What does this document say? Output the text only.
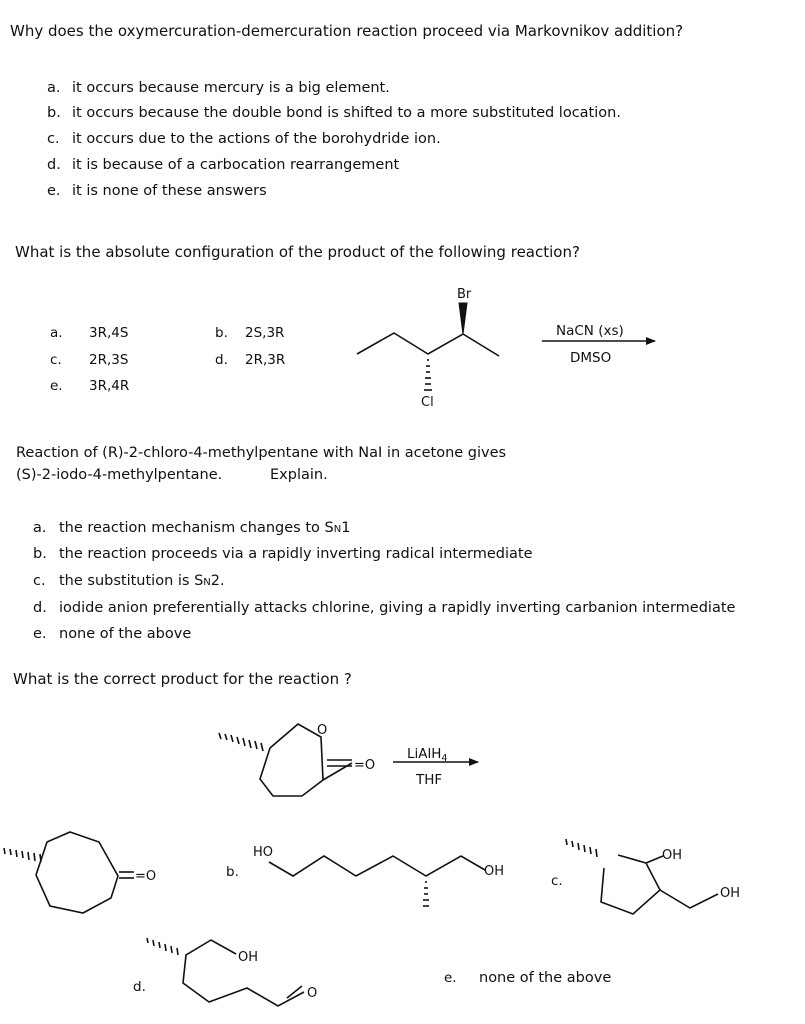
Why does the oxymercuration-demercuration reaction proceed via Markovnikov addition?
a. it occurs because mercury is a big element.
b. it occurs because the double bond is shifted to a more substituted location.
c. it occurs due to the actions of the borohydride ion.
d. it is because of a carbocation rearrangement
e. it is none of these answers
What is the absolute configuration of the product of the following reaction?
a. 3R,4S	b. 2S,3R
c. 2R,3S	d. 2R,3R
e. 3R,4R
Br
Cl
NaCN (xs)
DMSO
Reaction of (R)-2-chloro-4-methylpentane with NaI in acetone gives
(S)-2-iodo-4-methylpentane.	Explain.
a. the reaction mechanism changes to SN1
b. the reaction proceeds via a rapidly inverting radical intermediate
c. the substitution is SN2.
d. iodide anion preferentially attacks chlorine, giving a rapidly inverting carbanion intermediate
e. none of the above
What is the correct product for the reaction ?
O
=O
LiAlH$_4$
THF
=O	b.
HO
OH
c.
OH
OH
d.
OH
O
e. none of the above
